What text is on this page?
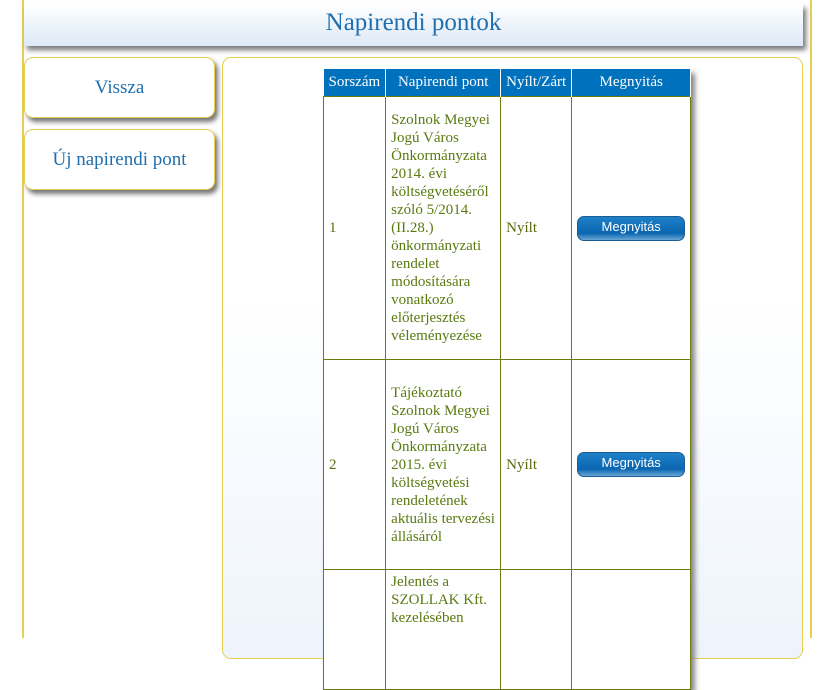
Napirendi pontok
Vissza
Új napirendi pont
Sorszám	Napirendi pont	Nyílt/Zárt	Megnyitás
1	Szolnok Megyei Jogú Város Önkormányzata 2014. évi költségvetéséről szóló 5/2014. (II.28.) önkormányzati rendelet módosítására vonatkozó előterjesztés véleményezése	Nyílt	Megnyitás
2	Tájékoztató Szolnok Megyei Jogú Város Önkormányzata 2015. évi költségvetési rendeletének aktuális tervezési állásáról	Nyílt	Megnyitás
	Jelentés a SZOLLAK Kft. kezelésében		
